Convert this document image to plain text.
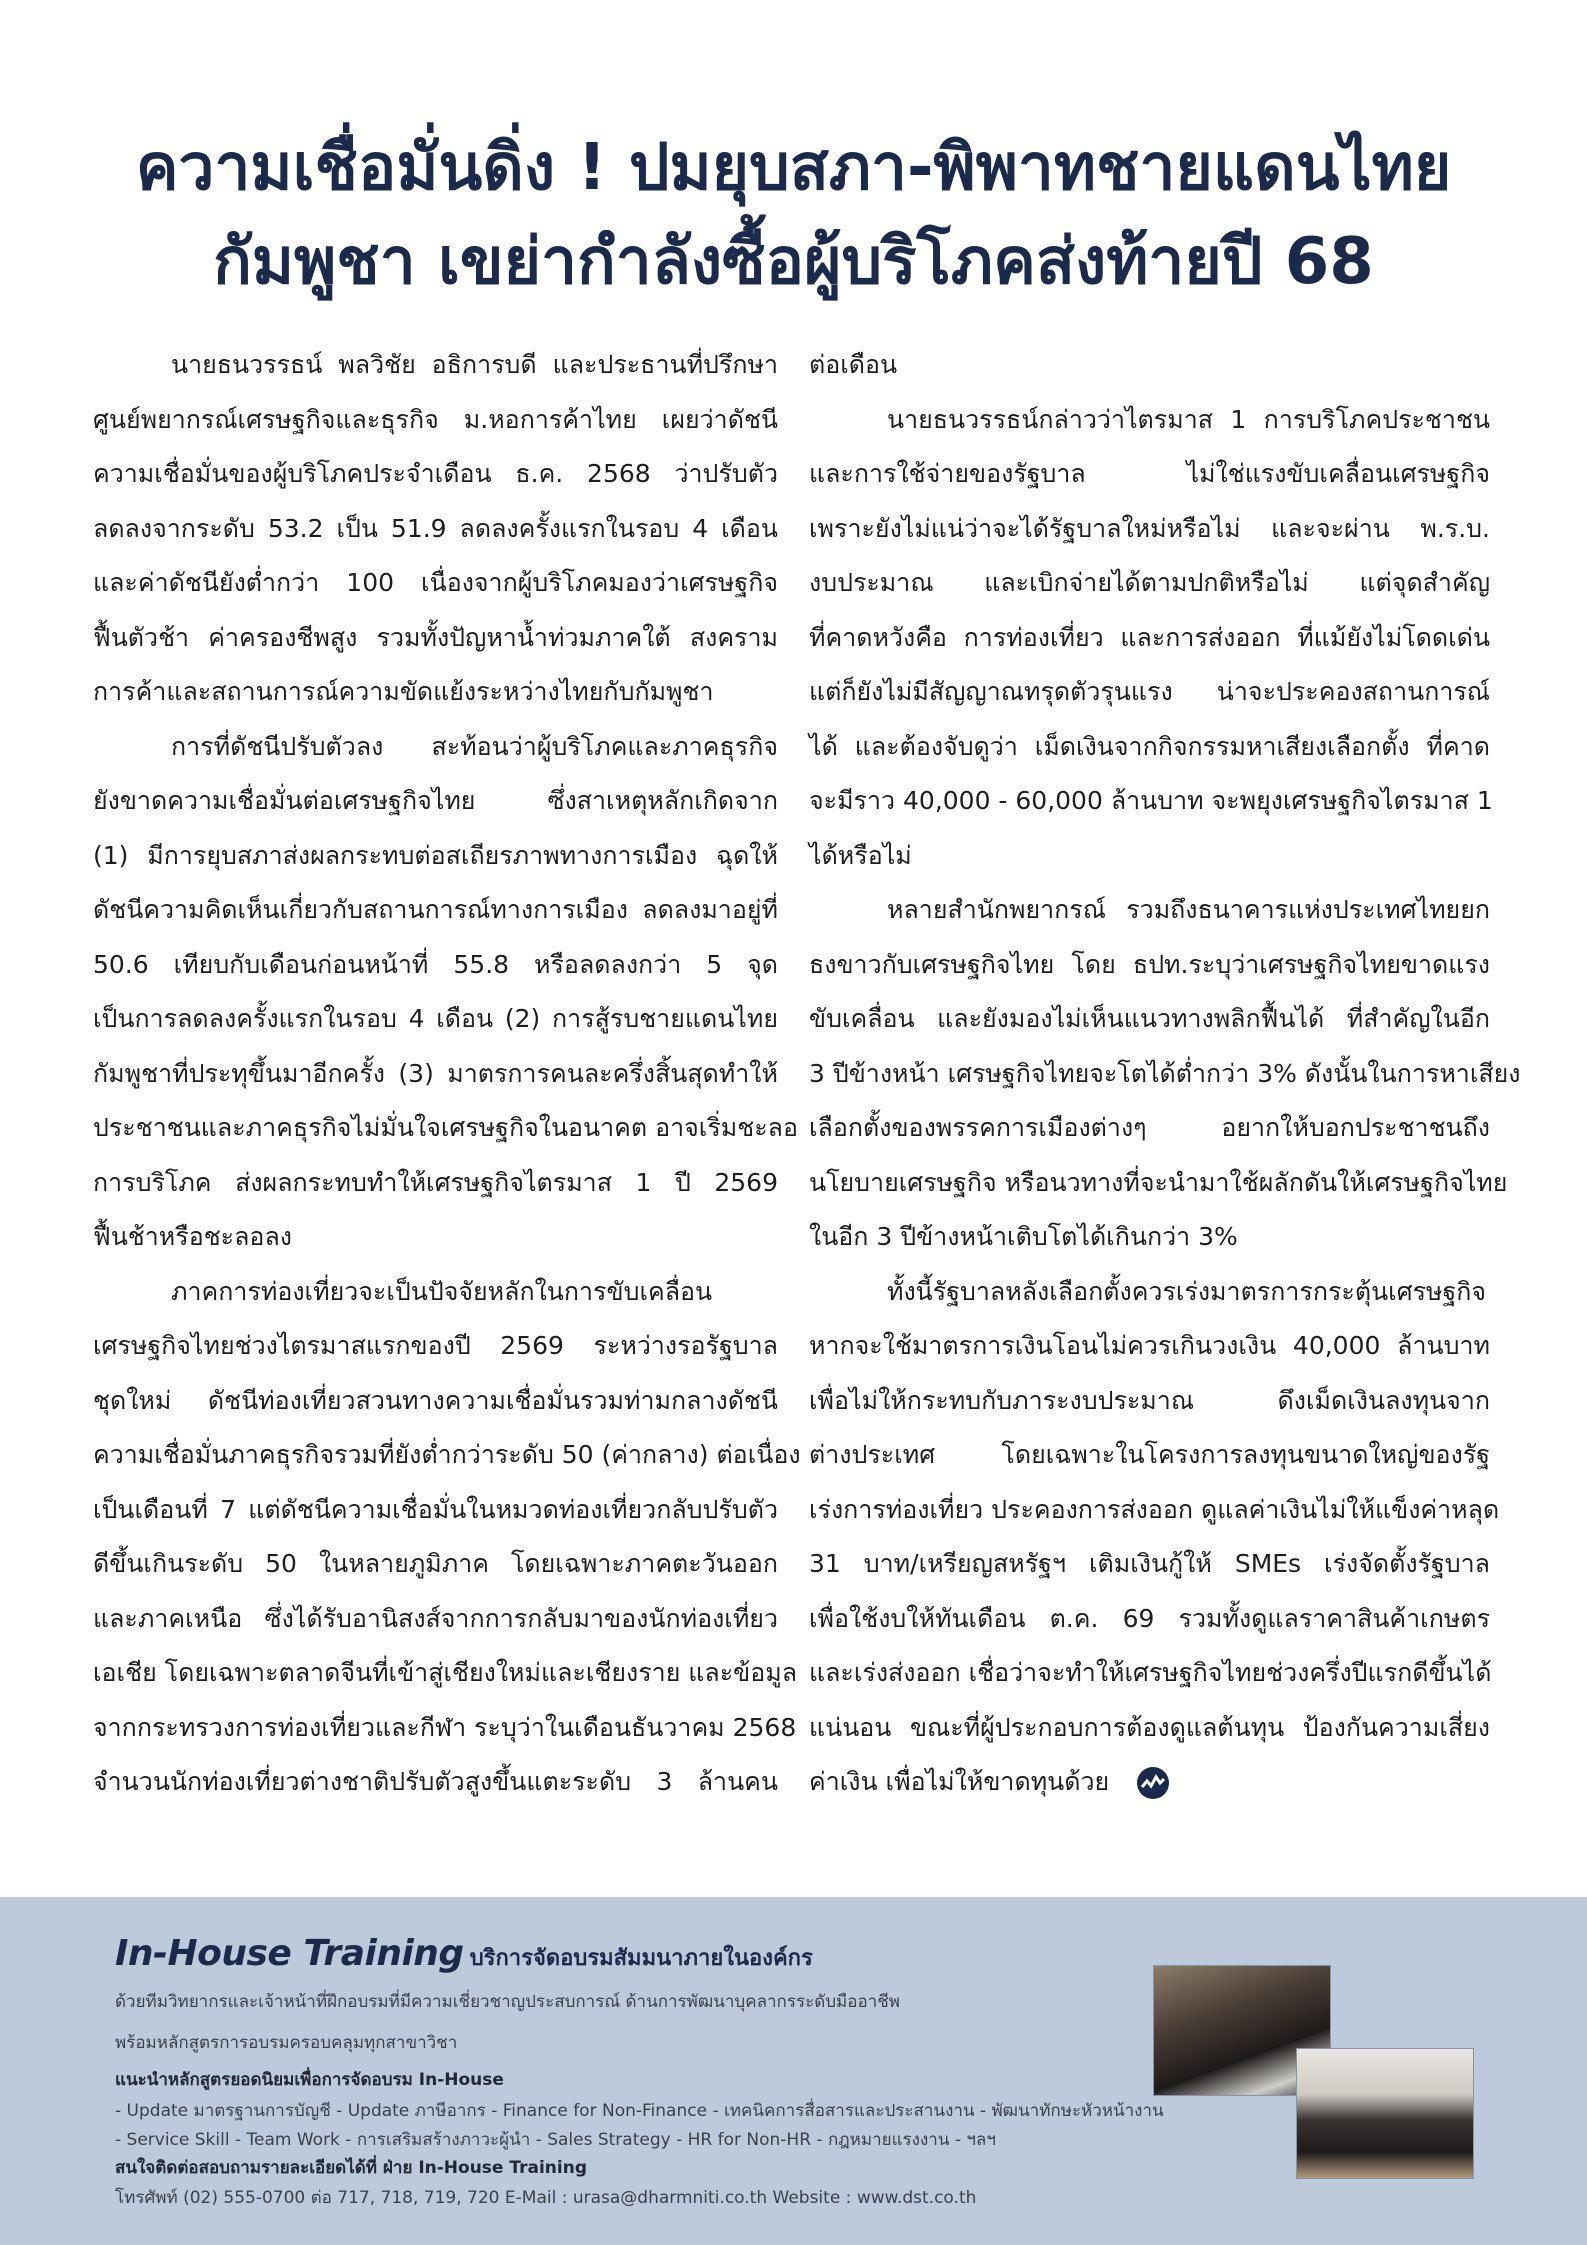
ความเชื่อมั่นดิ่ง ! ปมยุบสภา-พิพาทชายแดนไทย
กัมพูชา เขย่ากำลังซื้อผู้บริโภคส่งท้ายปี 68
นายธนวรรธน์ พลวิชัย อธิการบดี และประธานที่ปรึกษา
ศูนย์พยากรณ์เศรษฐกิจและธุรกิจ ม.หอการค้าไทย เผยว่าดัชนี
ความเชื่อมั่นของผู้บริโภคประจำเดือน ธ.ค. 2568 ว่าปรับตัว
ลดลงจากระดับ 53.2 เป็น 51.9 ลดลงครั้งแรกในรอบ 4 เดือน
และค่าดัชนียังต่ำกว่า 100 เนื่องจากผู้บริโภคมองว่าเศรษฐกิจ
ฟื้นตัวช้า ค่าครองชีพสูง รวมทั้งปัญหาน้ำท่วมภาคใต้ สงคราม
การค้าและสถานการณ์ความขัดแย้งระหว่างไทยกับกัมพูชา
การที่ดัชนีปรับตัวลง สะท้อนว่าผู้บริโภคและภาคธุรกิจ
ยังขาดความเชื่อมั่นต่อเศรษฐกิจไทย ซึ่งสาเหตุหลักเกิดจาก
(1) มีการยุบสภาส่งผลกระทบต่อสเถียรภาพทางการเมือง ฉุดให้
ดัชนีความคิดเห็นเกี่ยวกับสถานการณ์ทางการเมือง ลดลงมาอยู่ที่
50.6 เทียบกับเดือนก่อนหน้าที่ 55.8 หรือลดลงกว่า 5 จุด
เป็นการลดลงครั้งแรกในรอบ 4 เดือน (2) การสู้รบชายแดนไทย
กัมพูชาที่ประทุขึ้นมาอีกครั้ง (3) มาตรการคนละครึ่งสิ้นสุดทำให้
ประชาชนและภาคธุรกิจไม่มั่นใจเศรษฐกิจในอนาคต อาจเริ่มชะลอ
การบริโภค ส่งผลกระทบทำให้เศรษฐกิจไตรมาส 1 ปี 2569
ฟื้นช้าหรือชะลอลง
ภาคการท่องเที่ยวจะเป็นปัจจัยหลักในการขับเคลื่อน
เศรษฐกิจไทยช่วงไตรมาสแรกของปี 2569 ระหว่างรอรัฐบาล
ชุดใหม่ ดัชนีท่องเที่ยวสวนทางความเชื่อมั่นรวมท่ามกลางดัชนี
ความเชื่อมั่นภาคธุรกิจรวมที่ยังต่ำกว่าระดับ 50 (ค่ากลาง) ต่อเนื่อง
เป็นเดือนที่ 7 แต่ดัชนีความเชื่อมั่นในหมวดท่องเที่ยวกลับปรับตัว
ดีขึ้นเกินระดับ 50 ในหลายภูมิภาค โดยเฉพาะภาคตะวันออก
และภาคเหนือ ซึ่งได้รับอานิสงส์จากการกลับมาของนักท่องเที่ยว
เอเชีย โดยเฉพาะตลาดจีนที่เข้าสู่เชียงใหม่และเชียงราย และข้อมูล
จากกระทรวงการท่องเที่ยวและกีฬา ระบุว่าในเดือนธันวาคม 2568
จำนวนนักท่องเที่ยวต่างชาติปรับตัวสูงขึ้นแตะระดับ 3 ล้านคน
ต่อเดือน
นายธนวรรธน์กล่าวว่าไตรมาส 1 การบริโภคประชาชน
และการใช้จ่ายของรัฐบาล ไม่ใช่แรงขับเคลื่อนเศรษฐกิจ
เพราะยังไม่แน่ว่าจะได้รัฐบาลใหม่หรือไม่ และจะผ่าน พ.ร.บ.
งบประมาณ และเบิกจ่ายได้ตามปกติหรือไม่ แต่จุดสำคัญ
ที่คาดหวังคือ การท่องเที่ยว และการส่งออก ที่แม้ยังไม่โดดเด่น
แต่ก็ยังไม่มีสัญญาณทรุดตัวรุนแรง น่าจะประคองสถานการณ์
ได้ และต้องจับดูว่า เม็ดเงินจากกิจกรรมหาเสียงเลือกตั้ง ที่คาด
จะมีราว 40,000 - 60,000 ล้านบาท จะพยุงเศรษฐกิจไตรมาส 1
ได้หรือไม่
หลายสำนักพยากรณ์ รวมถึงธนาคารแห่งประเทศไทยยก
ธงขาวกับเศรษฐกิจไทย โดย ธปท.ระบุว่าเศรษฐกิจไทยขาดแรง
ขับเคลื่อน และยังมองไม่เห็นแนวทางพลิกฟื้นได้ ที่สำคัญในอีก
3 ปีข้างหน้า เศรษฐกิจไทยจะโตได้ต่ำกว่า 3% ดังนั้นในการหาเสียง
เลือกตั้งของพรรคการเมืองต่างๆ อยากให้บอกประชาชนถึง
นโยบายเศรษฐกิจ หรือนวทางที่จะนำมาใช้ผลักดันให้เศรษฐกิจไทย
ในอีก 3 ปีข้างหน้าเติบโตได้เกินกว่า 3%
ทั้งนี้รัฐบาลหลังเลือกตั้งควรเร่งมาตรการกระตุ้นเศรษฐกิจ
หากจะใช้มาตรการเงินโอนไม่ควรเกินวงเงิน 40,000 ล้านบาท
เพื่อไม่ให้กระทบกับภาระงบประมาณ ดึงเม็ดเงินลงทุนจาก
ต่างประเทศ โดยเฉพาะในโครงการลงทุนขนาดใหญ่ของรัฐ
เร่งการท่องเที่ยว ประคองการส่งออก ดูแลค่าเงินไม่ให้แข็งค่าหลุด
31 บาท/เหรียญสหรัฐฯ เติมเงินกู้ให้ SMEs เร่งจัดตั้งรัฐบาล
เพื่อใช้งบให้ทันเดือน ต.ค. 69 รวมทั้งดูแลราคาสินค้าเกษตร
และเร่งส่งออก เชื่อว่าจะทำให้เศรษฐกิจไทยช่วงครึ่งปีแรกดีขึ้นได้
แน่นอน ขณะที่ผู้ประกอบการต้องดูแลต้นทุน ป้องกันความเสี่ยง
ค่าเงิน เพื่อไม่ให้ขาดทุนด้วย
In-House Training บริการจัดอบรมสัมมนาภายในองค์กร
ด้วยทีมวิทยากรและเจ้าหน้าที่ฝึกอบรมที่มีความเชี่ยวชาญประสบการณ์ ด้านการพัฒนาบุคลากรระดับมืออาชีพ
พร้อมหลักสูตรการอบรมครอบคลุมทุกสาขาวิชา
แนะนำหลักสูตรยอดนิยมเพื่อการจัดอบรม In-House
- Update มาตรฐานการบัญชี - Update ภาษีอากร - Finance for Non-Finance - เทคนิคการสื่อสารและประสานงาน - พัฒนาทักษะหัวหน้างาน
- Service Skill - Team Work - การเสริมสร้างภาวะผู้นำ - Sales Strategy - HR for Non-HR - กฎหมายแรงงาน - ฯลฯ
สนใจติดต่อสอบถามรายละเอียดได้ที่ ฝ่าย In-House Training
โทรศัพท์ (02) 555-0700 ต่อ 717, 718, 719, 720 E-Mail : urasa@dharmniti.co.th Website : www.dst.co.th
